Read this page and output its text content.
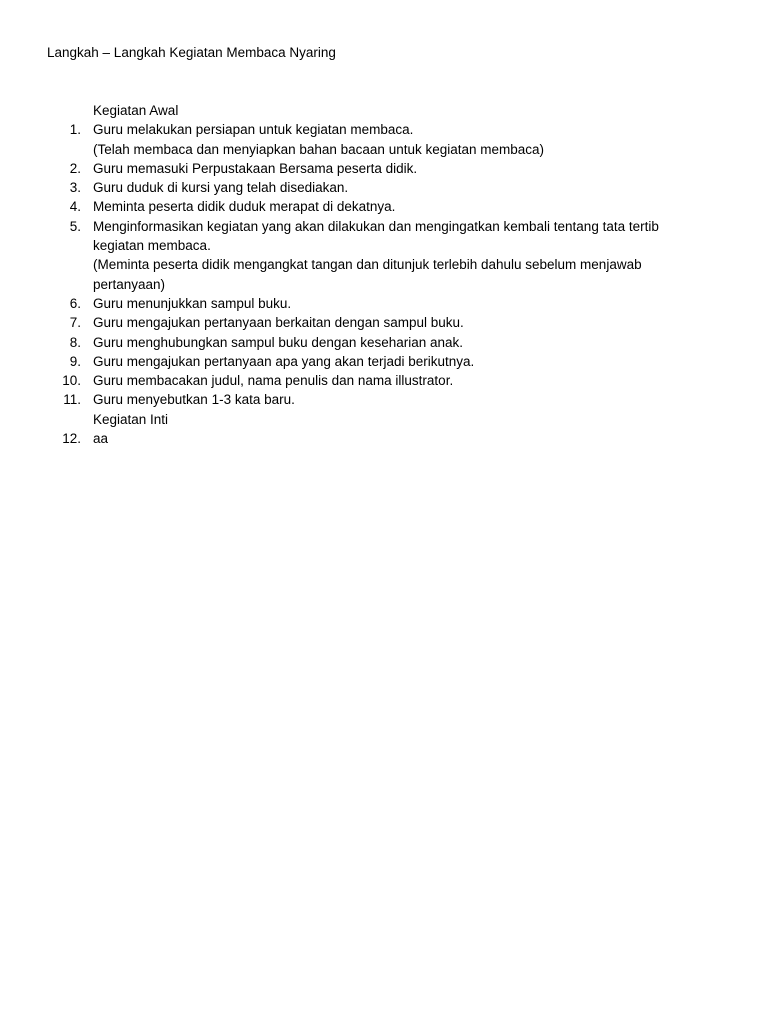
Langkah – Langkah Kegiatan Membaca Nyaring
Kegiatan Awal
1. Guru melakukan persiapan untuk kegiatan membaca.
(Telah membaca dan menyiapkan bahan bacaan untuk kegiatan membaca)
2. Guru memasuki Perpustakaan Bersama peserta didik.
3. Guru duduk di kursi yang telah disediakan.
4. Meminta peserta didik duduk merapat di dekatnya.
5. Menginformasikan kegiatan yang akan dilakukan dan mengingatkan kembali tentang tata tertib
kegiatan membaca.
(Meminta peserta didik mengangkat tangan dan ditunjuk terlebih dahulu sebelum menjawab
pertanyaan)
6. Guru menunjukkan sampul buku.
7. Guru mengajukan pertanyaan berkaitan dengan sampul buku.
8. Guru menghubungkan sampul buku dengan keseharian anak.
9. Guru mengajukan pertanyaan apa yang akan terjadi berikutnya.
10. Guru membacakan judul, nama penulis dan nama illustrator.
11. Guru menyebutkan 1-3 kata baru.
Kegiatan Inti
12. aa
